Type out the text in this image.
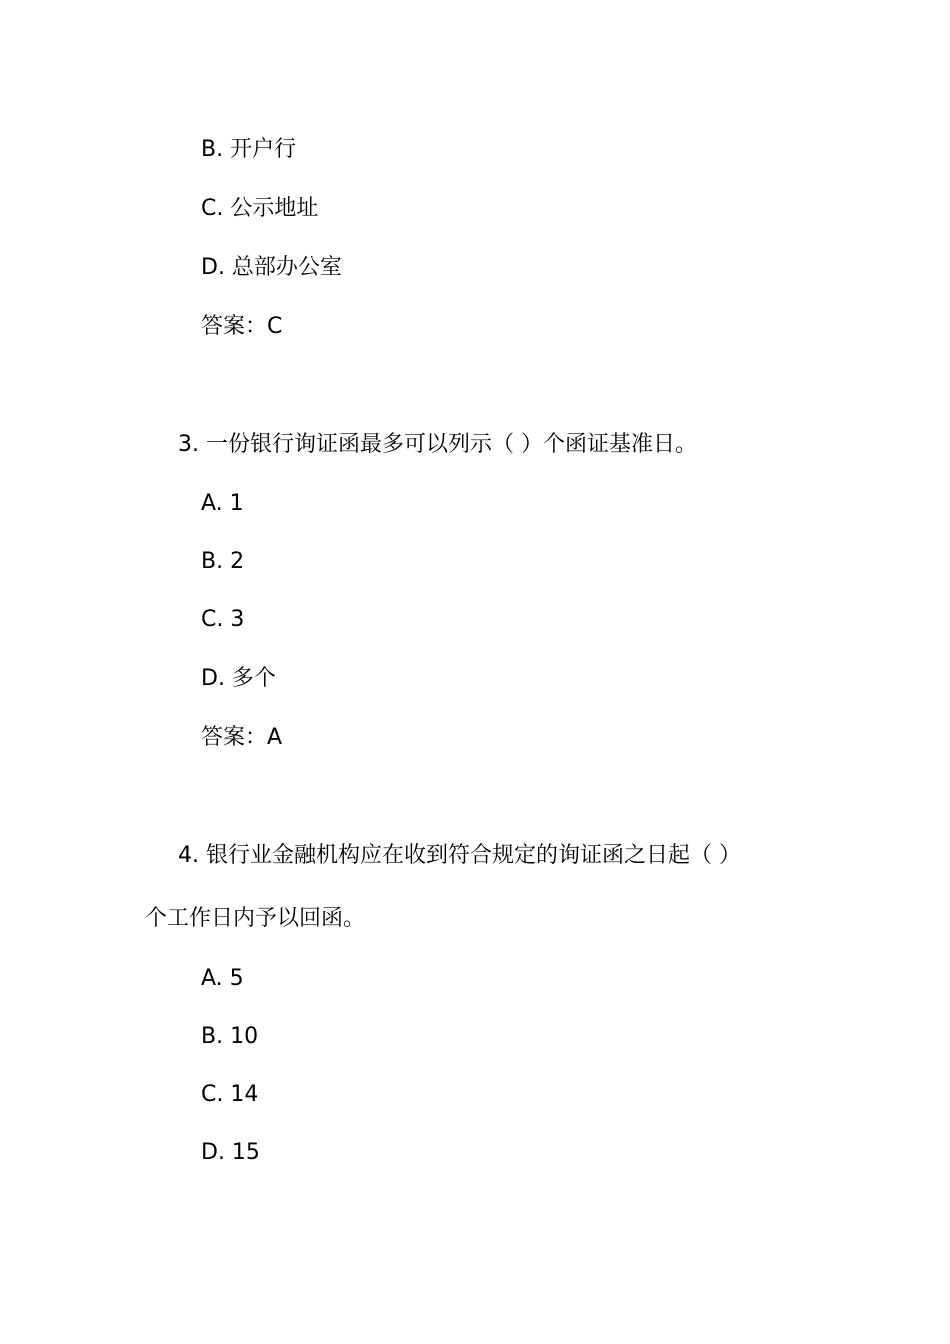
B. 开户行
C. 公示地址
D. 总部办公室
答案：C
3. 一份银行询证函最多可以列示（ ）个函证基准日。
A. 1
B. 2
C. 3
D. 多个
答案：A
4. 银行业金融机构应在收到符合规定的询证函之日起（ ）
个工作日内予以回函。
A. 5
B. 10
C. 14
D. 15
